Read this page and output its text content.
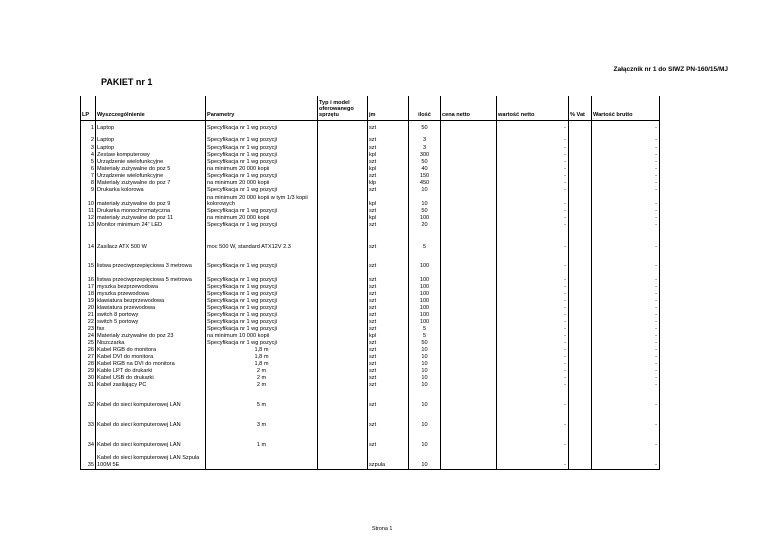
Załącznik nr 1 do SIWZ PN-160/15/MJ
PAKIET nr 1
LP	Wyszczególnienie	Parametry	Typ i model oferowanego sprzętu	jm	ilość	cena netto	wartość netto	% Vat	Wartość brutto
1	Laptop	Specyfikacja nr 1 wg pozycji		szt	50		-		-
2	Laptop	Specyfikacja nr 1 wg pozycji		szt	3		-		-
3	Laptop	Specyfikacja nr 1 wg pozycji		szt	3		-		-
4	Zestaw komputerowy	Specyfikacja nr 1 wg pozycji		kpl	300		-		-
5	Urządzenie wielofunkcyjne	Specyfikacja nr 1 wg pozycji		szt	50		-		-
6	Materiały zużywalne do poz 5	na minimum 20 000 kopii		kpl	40		-		-
7	Urządzenie wielofunkcyjne	Specyfikacja nr 1 wg pozycji		szt	150		-		-
8	Materiały zużywalne do poz 7	na minimum 20 000 kopii		klp	450		-		-
9	Drukarka kolorowa	Specyfikacja nr 1 wg pozycji		szt	10		-		-
10	materiały zużywalne do poz 9	na minimum 20 000 kopii w tym 1/3 kopii kolorowych		kpl	10		-		-
11	Drukarka monochromatyczna	Specyfikacja nr 1 wg pozycji		szt	50		-		-
12	materiały zużywalne do poz 11	na minimum 20 000 kopii		kpl	100		-		-
13	Monitor minimum 24" LED	Specyfikacja nr 1 wg pozycji		szt	20		-		-
14	Zasilacz ATX 500 W	moc 500 W, standard ATX12V 2.3		szt	5		-		-
15	listwa przeciwprzepięciowa 3 metrowa	Specyfikacja nr 1 wg pozycji		szt	100		-		-
16	listwa przeciwprzepięciowa 5 metrowa	Specyfikacja nr 1 wg pozycji		szt	100		-		-
17	myszka bezprzewodowa	Specyfikacja nr 1 wg pozycji		szt	100		-		-
18	myszka przewodowa	Specyfikacja nr 1 wg pozycji		szt	100		-		-
19	klawiatura bezprzewodowa	Specyfikacja nr 1 wg pozycji		szt	100		-		-
20	klawiatura przewodowa	Specyfikacja nr 1 wg pozycji		szt	100		-		-
21	switch 8 portowy	Specyfikacja nr 1 wg pozycji		szt	100		-		-
22	switch 5 portowy	Specyfikacja nr 1 wg pozycji		szt	100		-		-
23	fax	Specyfikacja nr 1 wg pozycji		szt	5		-		-
24	Materiały zużywalne do poz 23	na minimum 10 000 kopii		kpl	5		-		-
25	Niszczarka	Specyfikacja nr 1 wg pozycji		szt	50		-		-
26	Kabel RGB do monitora	1,8 m		szt	10		-		-
27	Kabel DVI do monitora	1,8 m		szt	10		-		-
28	Kabel RGB na DVI do monitora	1,8 m		szt	10		-		-
29	Kable LPT do drukarki	2 m		szt	10		-		-
30	Kabel USB do drukarki	2 m		szt	10		-		-
31	Kabel zasilający PC	2 m		szt	10		-		-
32	Kabel do sieci komputerowej LAN	5 m		szt	10		-		-
33	Kabel do sieci komputerowej LAN	3 m		szt	10		-		-
34	Kabel do sieci komputerowej LAN	1 m		szt	10		-		-
35	Kabel do sieci komputerowej LAN Szpula 100M 5E			szpula	10		-		-
Strona 1
